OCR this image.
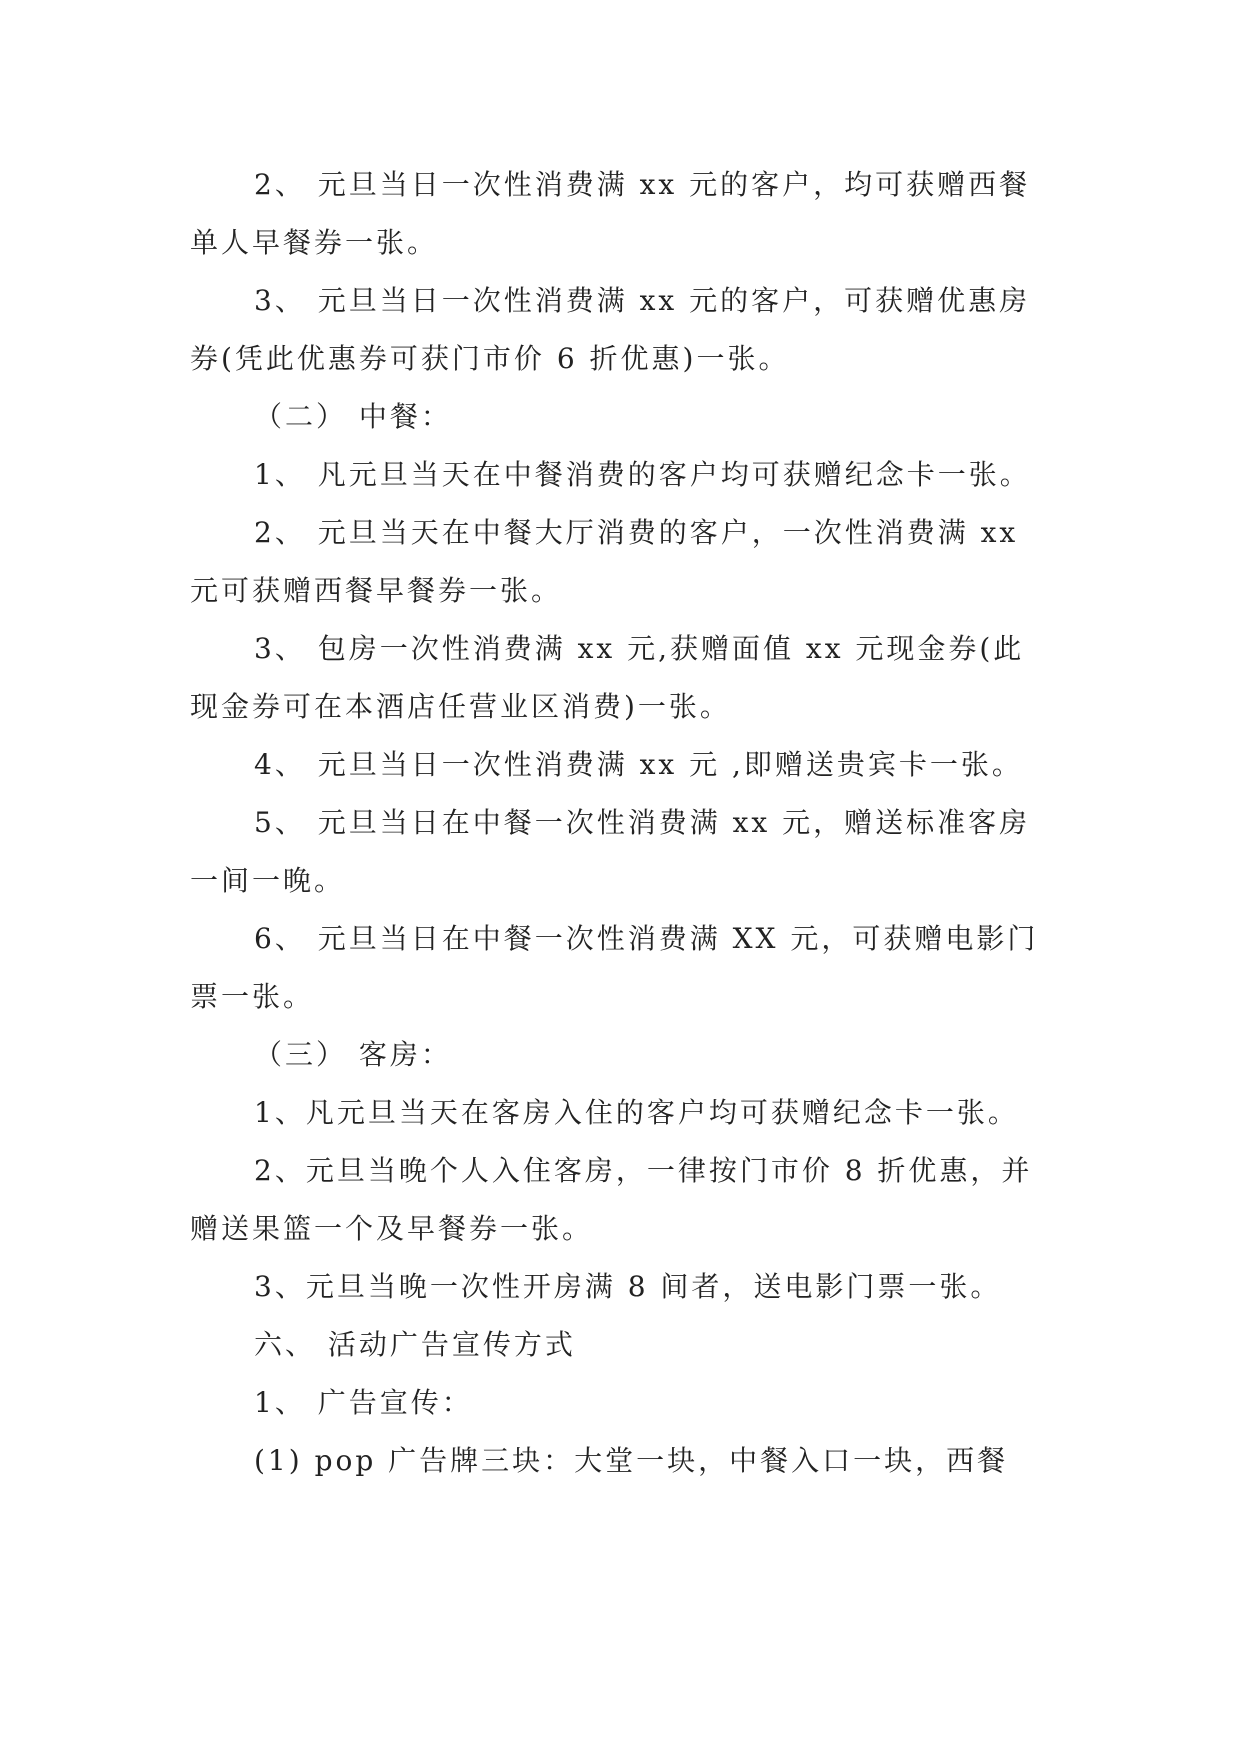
2、 元旦当日一次性消费满 xx 元的客户，均可获赠西餐单人早餐券一张。

3、 元旦当日一次性消费满 xx 元的客户，可获赠优惠房券(凭此优惠券可获门市价 6 折优惠)一张。

（二） 中餐：

1、 凡元旦当天在中餐消费的客户均可获赠纪念卡一张。

2、 元旦当天在中餐大厅消费的客户，一次性消费满 xx 元可获赠西餐早餐券一张。

3、 包房一次性消费满 xx 元,获赠面值 xx 元现金券(此现金券可在本酒店任营业区消费)一张。

4、 元旦当日一次性消费满 xx 元 ,即赠送贵宾卡一张。

5、 元旦当日在中餐一次性消费满 xx 元，赠送标准客房一间一晚。

6、 元旦当日在中餐一次性消费满 XX 元，可获赠电影门票一张。

（三） 客房：

1、凡元旦当天在客房入住的客户均可获赠纪念卡一张。

2、元旦当晚个人入住客房，一律按门市价 8 折优惠，并赠送果篮一个及早餐券一张。

3、元旦当晚一次性开房满 8 间者，送电影门票一张。

六、 活动广告宣传方式

1、 广告宣传：

(1) pop 广告牌三块：大堂一块，中餐入口一块，西餐
